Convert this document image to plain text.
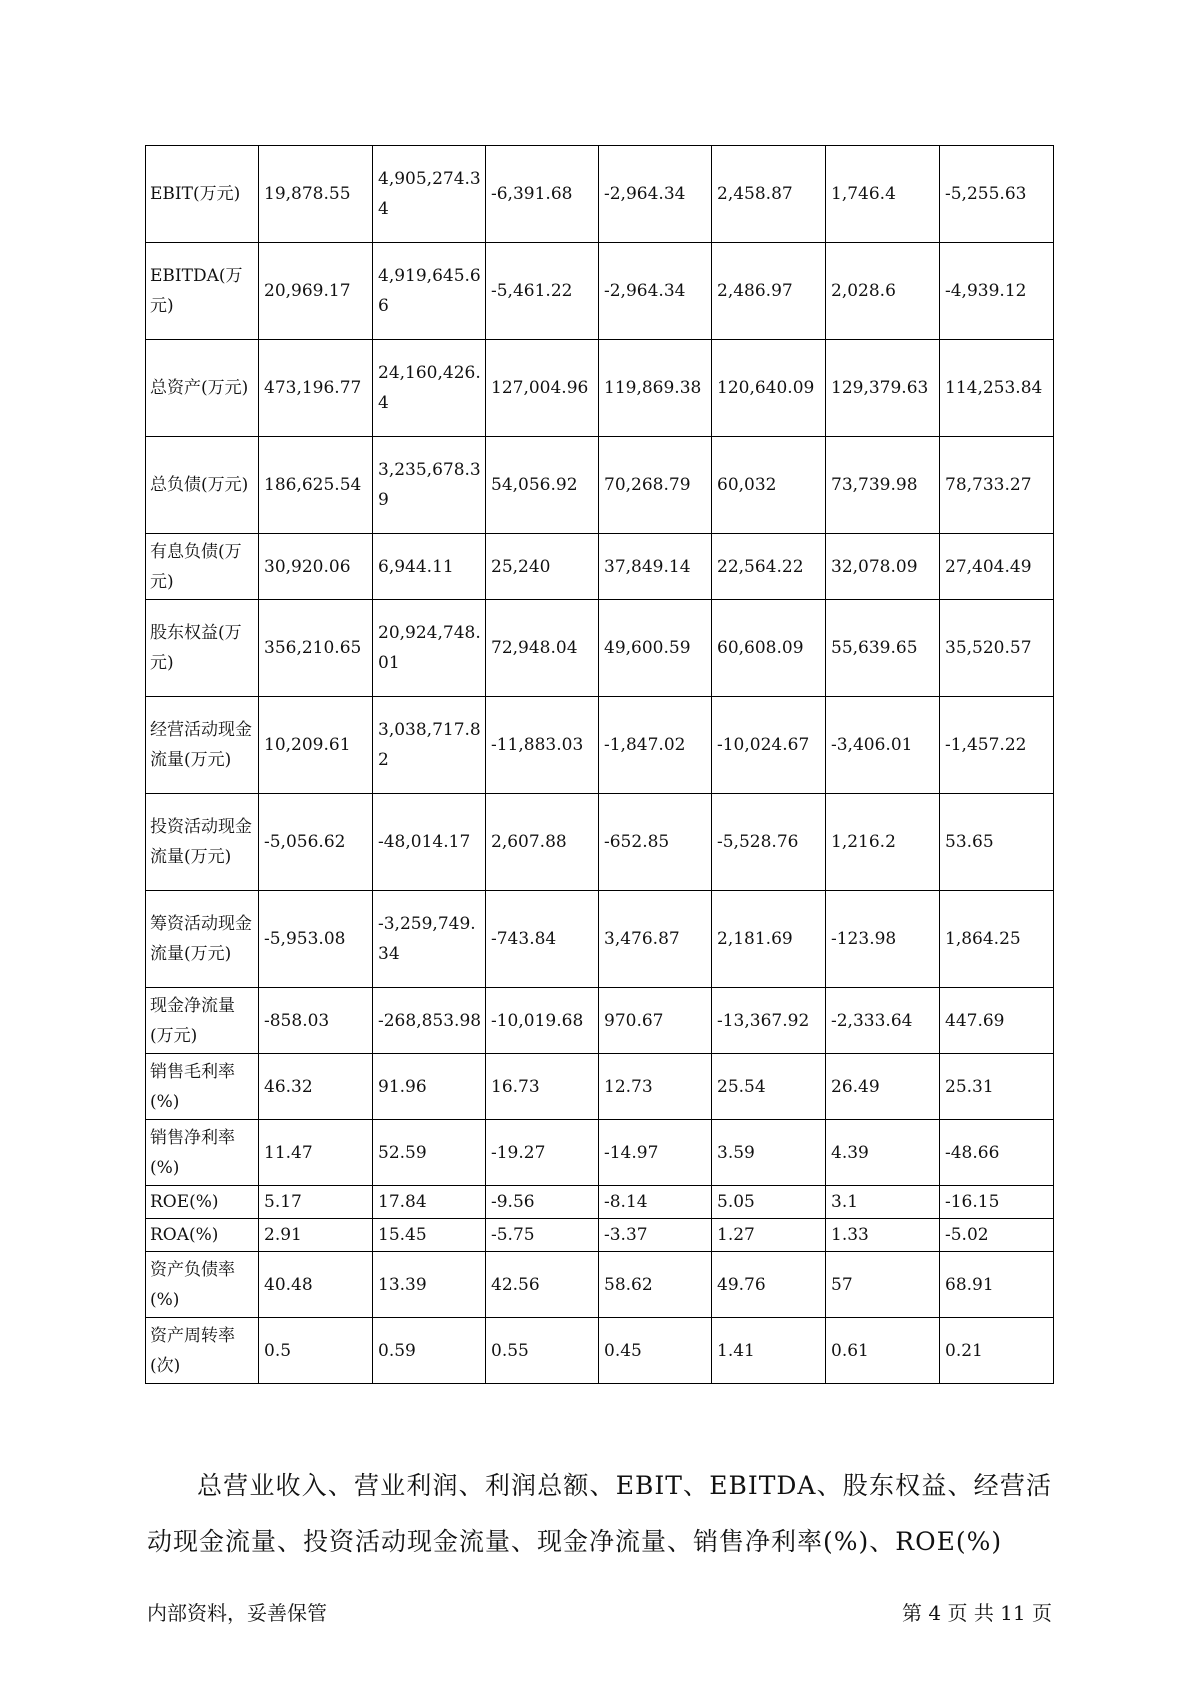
EBIT(万元)	19,878.55	4,905,274.34	-6,391.68	-2,964.34	2,458.87	1,746.4	-5,255.63
EBITDA(万元)	20,969.17	4,919,645.66	-5,461.22	-2,964.34	2,486.97	2,028.6	-4,939.12
总资产(万元)	473,196.77	24,160,426.4	127,004.96	119,869.38	120,640.09	129,379.63	114,253.84
总负债(万元)	186,625.54	3,235,678.39	54,056.92	70,268.79	60,032	73,739.98	78,733.27
有息负债(万元)	30,920.06	6,944.11	25,240	37,849.14	22,564.22	32,078.09	27,404.49
股东权益(万元)	356,210.65	20,924,748.01	72,948.04	49,600.59	60,608.09	55,639.65	35,520.57
经营活动现金流量(万元)	10,209.61	3,038,717.82	-11,883.03	-1,847.02	-10,024.67	-3,406.01	-1,457.22
投资活动现金流量(万元)	-5,056.62	-48,014.17	2,607.88	-652.85	-5,528.76	1,216.2	53.65
筹资活动现金流量(万元)	-5,953.08	-3,259,749.34	-743.84	3,476.87	2,181.69	-123.98	1,864.25
现金净流量(万元)	-858.03	-268,853.98	-10,019.68	970.67	-13,367.92	-2,333.64	447.69
销售毛利率(%)	46.32	91.96	16.73	12.73	25.54	26.49	25.31
销售净利率(%)	11.47	52.59	-19.27	-14.97	3.59	4.39	-48.66
ROE(%)	5.17	17.84	-9.56	-8.14	5.05	3.1	-16.15
ROA(%)	2.91	15.45	-5.75	-3.37	1.27	1.33	-5.02
资产负债率(%)	40.48	13.39	42.56	58.62	49.76	57	68.91
资产周转率(次)	0.5	0.59	0.55	0.45	1.41	0.61	0.21

总营业收入、营业利润、利润总额、EBIT、EBITDA、股东权益、经营活动现金流量、投资活动现金流量、现金净流量、销售净利率(%)、ROE(%)

内部资料，妥善保管	第 4 页 共 11 页
